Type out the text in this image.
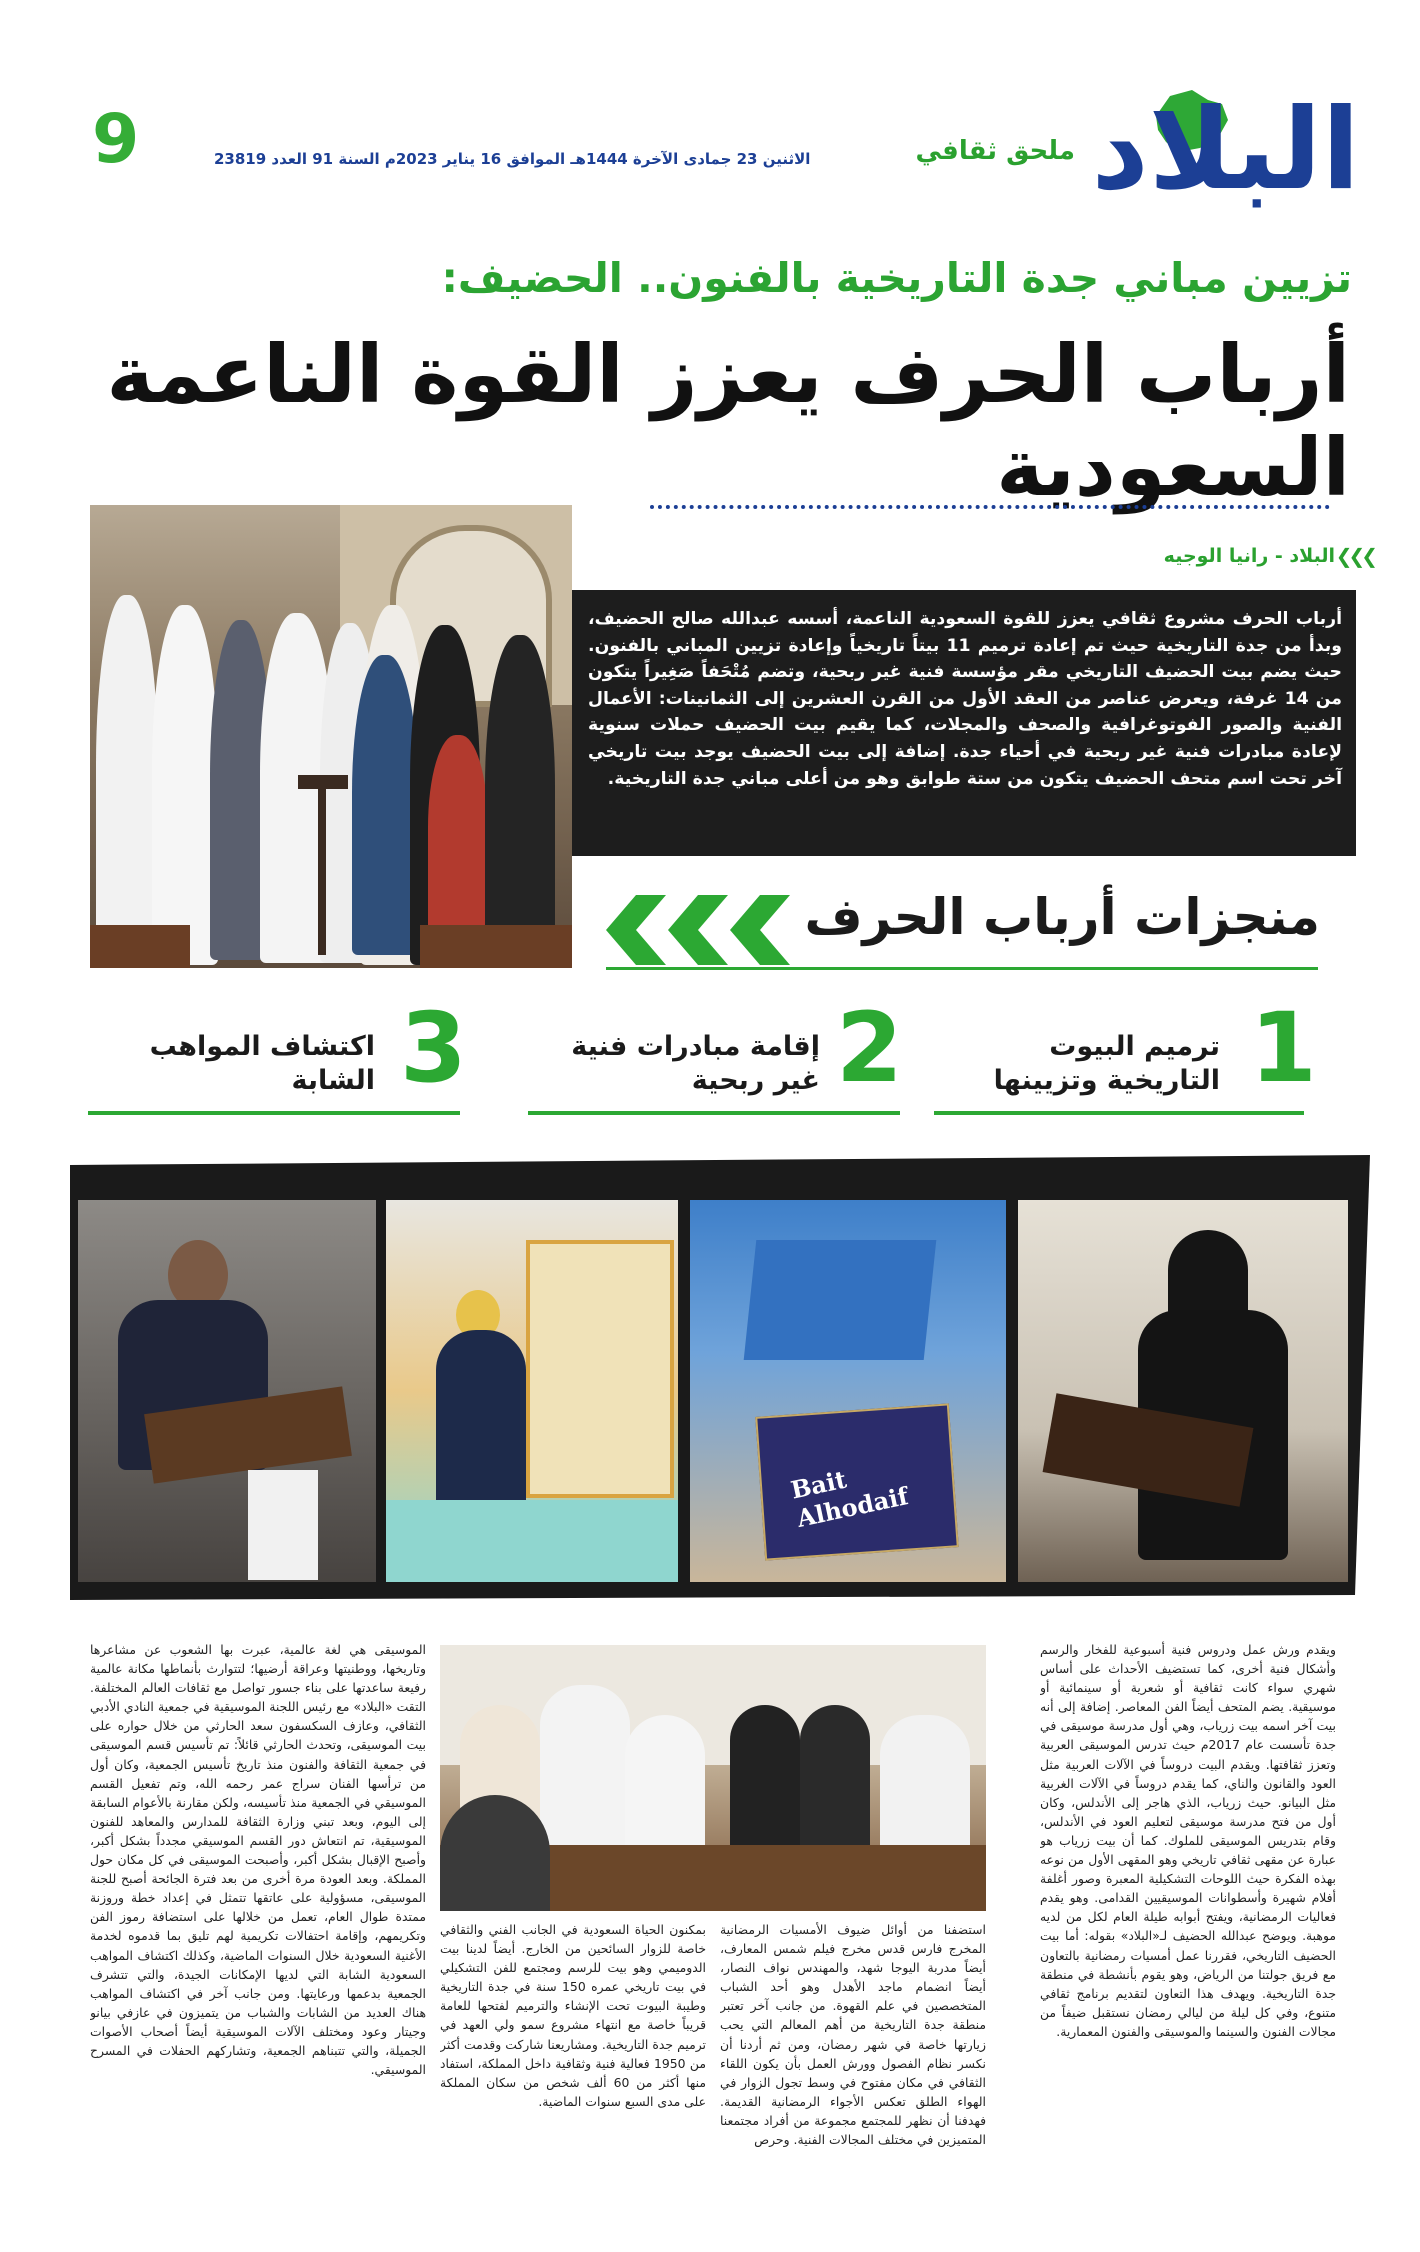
البلاد
ملحق ثقافي
الاثنين 23 جمادى الآخرة 1444هـ الموافق 16 يناير 2023م السنة 91 العدد 23819
9
تزيين مباني جدة التاريخية بالفنون.. الحضيف:
أرباب الحرف يعزز القوة الناعمة السعودية
❮❮❮
البلاد - رانيا الوجيه
أرباب الحرف مشروع ثقافي يعزز للقوة السعودية الناعمة، أسسه عبدالله صالح الحضيف، وبدأ من جدة التاريخية حيث تم إعادة ترميم 11 بيتاً تاريخياً وإعادة تزيين المباني بالفنون. حيث يضم بيت الحضيف التاريخي مقر مؤسسة فنية غير ربحية، وتضم مُتْحَفاً صَغِيراً يتكون من 14 غرفة، ويعرض عناصر من العقد الأول من القرن العشرين إلى الثمانينات: الأعمال الفنية والصور الفوتوغرافية والصحف والمجلات، كما يقيم بيت الحضيف حملات سنوية لإعادة مبادرات فنية غير ربحية في أحياء جدة. إضافة إلى بيت الحضيف يوجد بيت تاريخي آخر تحت اسم متحف الحضيف يتكون من ستة طوابق وهو من أعلى مباني جدة التاريخية.
منجزات أرباب الحرف
1
ترميم البيوت
التاريخية وتزيينها
2
إقامة مبادرات فنية
غير ربحية
3
اكتشاف المواهب
الشابة
Bait Alhodaif
ويقدم ورش عمل ودروس فنية أسبوعية للفخار والرسم وأشكال فنية أخرى، كما تستضيف الأحداث على أساس شهري سواء كانت ثقافية أو شعرية أو سينمائية أو موسيقية. يضم المتحف أيضاً الفن المعاصر. إضافة إلى أنه بيت آخر اسمه بيت زرياب، وهي أول مدرسة موسيقى في جدة تأسست عام 2017م حيث تدرس الموسيقى العربية وتعزز ثقافتها. ويقدم البيت دروساً في الآلات العربية مثل العود والقانون والناي، كما يقدم دروساً في الآلات الغربية مثل البيانو. حيث زرياب، الذي هاجر إلى الأندلس، وكان أول من فتح مدرسة موسيقى لتعليم العود في الأندلس، وقام بتدريس الموسيقى للملوك. كما أن بيت زرياب هو عبارة عن مقهى ثقافي تاريخي وهو المقهى الأول من نوعه بهذه الفكرة حيث اللوحات التشكيلية المعبرة وصور أغلفة أفلام شهيرة وأسطوانات الموسيقيين القدامى. وهو يقدم فعاليات الرمضانية، ويفتح أبوابه طيلة العام لكل من لديه موهبة. ويوضح عبدالله الحضيف لـ«البلاد» بقوله: أما بيت الحضيف التاريخي، فقررنا عمل أمسيات رمضانية بالتعاون مع فريق جولتنا من الرياض، وهو يقوم بأنشطة في منطقة جدة التاريخية. ويهدف هذا التعاون لتقديم برنامج ثقافي متنوع، وفي كل ليلة من ليالي رمضان نستقبل ضيفاً من مجالات الفنون والسينما والموسيقى والفنون المعمارية.
استضفنا من أوائل ضيوف الأمسيات الرمضانية المخرج فارس قدس مخرج فيلم شمس المعارف، أيضاً مدربة اليوجا شهد، والمهندس نواف النصار، أيضاً انضمام ماجد الأهدل وهو أحد الشباب المتخصصين في علم القهوة. من جانب آخر تعتبر منطقة جدة التاريخية من أهم المعالم التي يحب زيارتها خاصة في شهر رمضان، ومن ثم أردنا أن نكسر نظام الفصول وورش العمل بأن يكون اللقاء الثقافي في مكان مفتوح في وسط تجول الزوار في الهواء الطلق تعكس الأجواء الرمضانية القديمة. فهدفنا أن نظهر للمجتمع مجموعة من أفراد مجتمعنا المتميزين في مختلف المجالات الفنية. وحرص
بمكنون الحياة السعودية في الجانب الفني والثقافي خاصة للزوار السائحين من الخارج. أيضاً لدينا بيت الدوميمي وهو بيت للرسم ومجتمع للفن التشكيلي في بيت تاريخي عمره 150 سنة في جدة التاريخية وطيبة البيوت تحت الإنشاء والترميم لفتحها للعامة قريباً خاصة مع انتهاء مشروع سمو ولي العهد في ترميم جدة التاريخية. ومشاريعنا شاركت وقدمت أكثر من 1950 فعالية فنية وثقافية داخل المملكة، استفاد منها أكثر من 60 ألف شخص من سكان المملكة على مدى السبع سنوات الماضية.
الموسيقى هي لغة عالمية، عبرت بها الشعوب عن مشاعرها وتاريخها، ووطنيتها وعراقة أرضيها؛ لتتوارث بأنماطها مكانة عالمية رفيعة ساعدتها على بناء جسور تواصل مع ثقافات العالم المختلفة. التقت «البلاد» مع رئيس اللجنة الموسيقية في جمعية النادي الأدبي الثقافي، وعازف السكسفون سعد الحارثي من خلال حواره على بيت الموسيقى، وتحدث الحارثي قائلاً: تم تأسيس قسم الموسيقى في جمعية الثقافة والفنون منذ تاريخ تأسيس الجمعية، وكان أول من ترأسها الفنان سراج عمر رحمه الله، وتم تفعيل القسم الموسيقي في الجمعية منذ تأسيسه، ولكن مقارنة بالأعوام السابقة إلى اليوم، وبعد تبني وزارة الثقافة للمدارس والمعاهد للفنون الموسيقية، تم انتعاش دور القسم الموسيقي مجدداً بشكل أكبر، وأصبح الإقبال بشكل أكبر، وأصبحت الموسيقى في كل مكان حول المملكة. وبعد العودة مرة أخرى من بعد فترة الجائحة أصبح للجنة الموسيقى، مسؤولية على عاتقها تتمثل في إعداد خطة وروزنة ممتدة طوال العام، تعمل من خلالها على استضافة رموز الفن وتكريمهم، وإقامة احتفالات تكريمية لهم تليق بما قدموه لخدمة الأغنية السعودية خلال السنوات الماضية، وكذلك اكتشاف المواهب السعودية الشابة التي لديها الإمكانات الجيدة، والتي تتشرف الجمعية بدعمها ورعايتها. ومن جانب آخر في اكتشاف المواهب هناك العديد من الشابات والشباب من يتميزون في عازفي بيانو وجيتار وعود ومختلف الآلات الموسيقية أيضاً أصحاب الأصوات الجميلة، والتي تتبناهم الجمعية، وتشاركهم الحفلات في المسرح الموسيقي.
